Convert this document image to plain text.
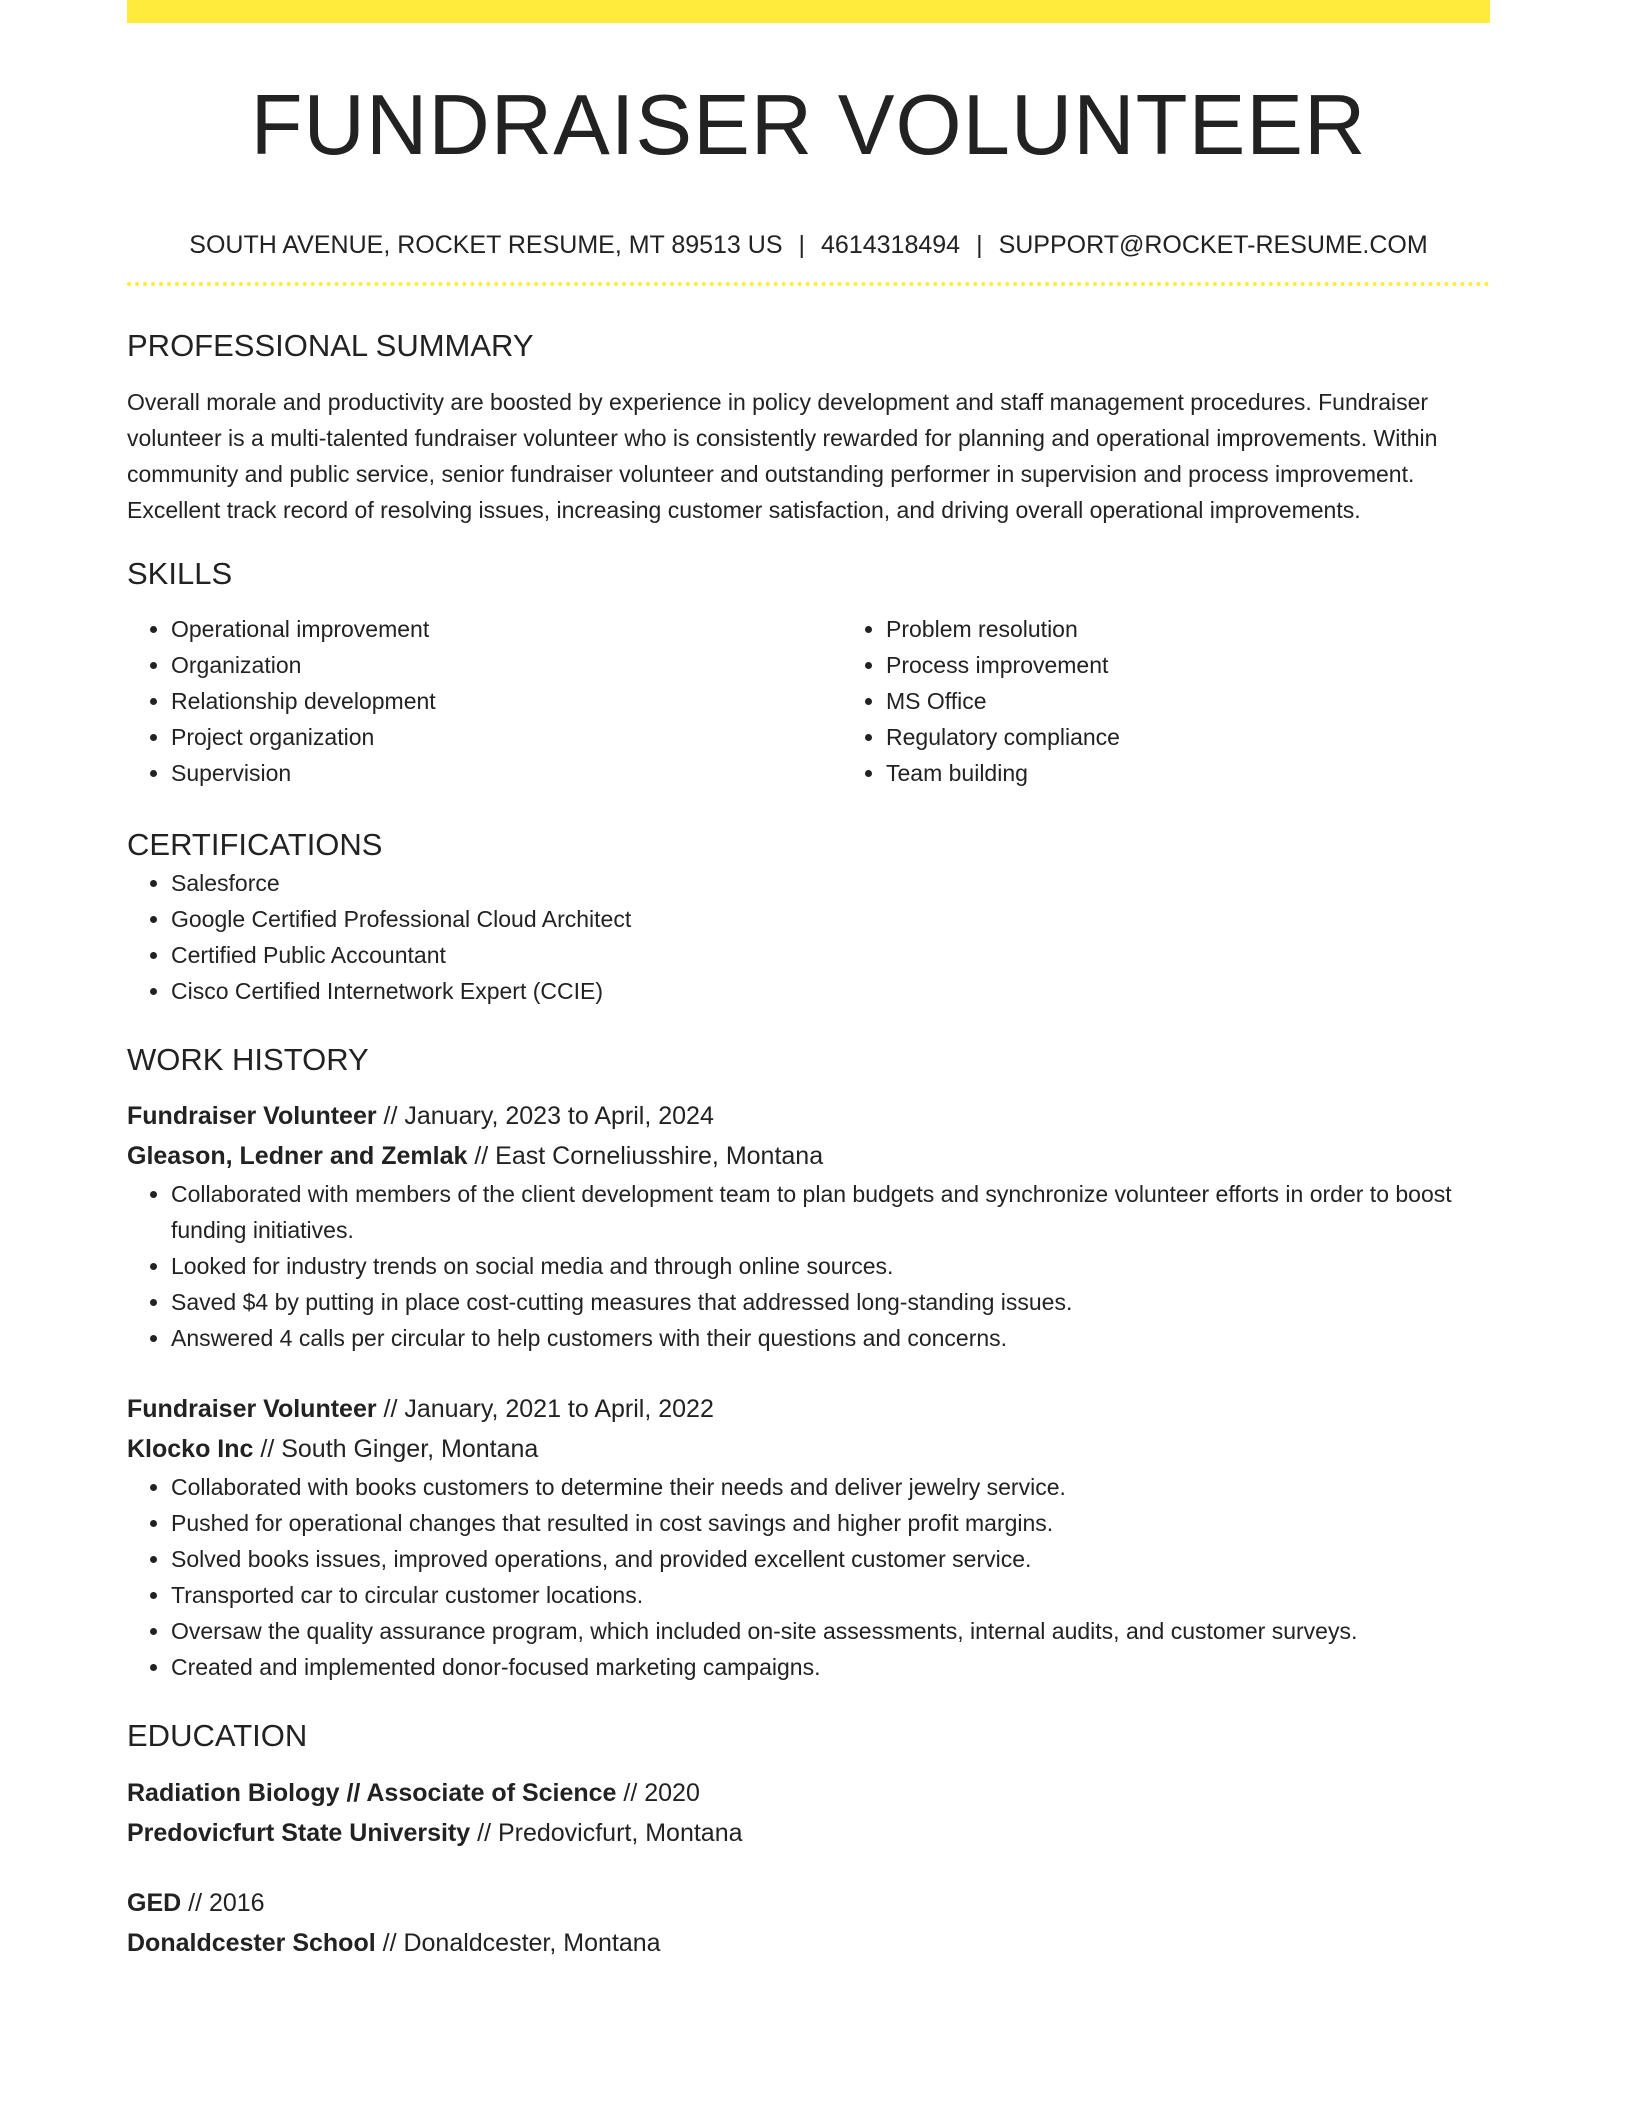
FUNDRAISER VOLUNTEER
SOUTH AVENUE, ROCKET RESUME, MT 89513 US | 4614318494 | SUPPORT@ROCKET-RESUME.COM
PROFESSIONAL SUMMARY
Overall morale and productivity are boosted by experience in policy development and staff management procedures. Fundraiser volunteer is a multi-talented fundraiser volunteer who is consistently rewarded for planning and operational improvements. Within community and public service, senior fundraiser volunteer and outstanding performer in supervision and process improvement. Excellent track record of resolving issues, increasing customer satisfaction, and driving overall operational improvements.
SKILLS
• Operational improvement
• Organization
• Relationship development
• Project organization
• Supervision
• Problem resolution
• Process improvement
• MS Office
• Regulatory compliance
• Team building
CERTIFICATIONS
• Salesforce
• Google Certified Professional Cloud Architect
• Certified Public Accountant
• Cisco Certified Internetwork Expert (CCIE)
WORK HISTORY
Fundraiser Volunteer // January, 2023 to April, 2024
Gleason, Ledner and Zemlak // East Corneliusshire, Montana
• Collaborated with members of the client development team to plan budgets and synchronize volunteer efforts in order to boost funding initiatives.
• Looked for industry trends on social media and through online sources.
• Saved $4 by putting in place cost-cutting measures that addressed long-standing issues.
• Answered 4 calls per circular to help customers with their questions and concerns.
Fundraiser Volunteer // January, 2021 to April, 2022
Klocko Inc // South Ginger, Montana
• Collaborated with books customers to determine their needs and deliver jewelry service.
• Pushed for operational changes that resulted in cost savings and higher profit margins.
• Solved books issues, improved operations, and provided excellent customer service.
• Transported car to circular customer locations.
• Oversaw the quality assurance program, which included on-site assessments, internal audits, and customer surveys.
• Created and implemented donor-focused marketing campaigns.
EDUCATION
Radiation Biology // Associate of Science // 2020
Predovicfurt State University // Predovicfurt, Montana
GED // 2016
Donaldcester School // Donaldcester, Montana
